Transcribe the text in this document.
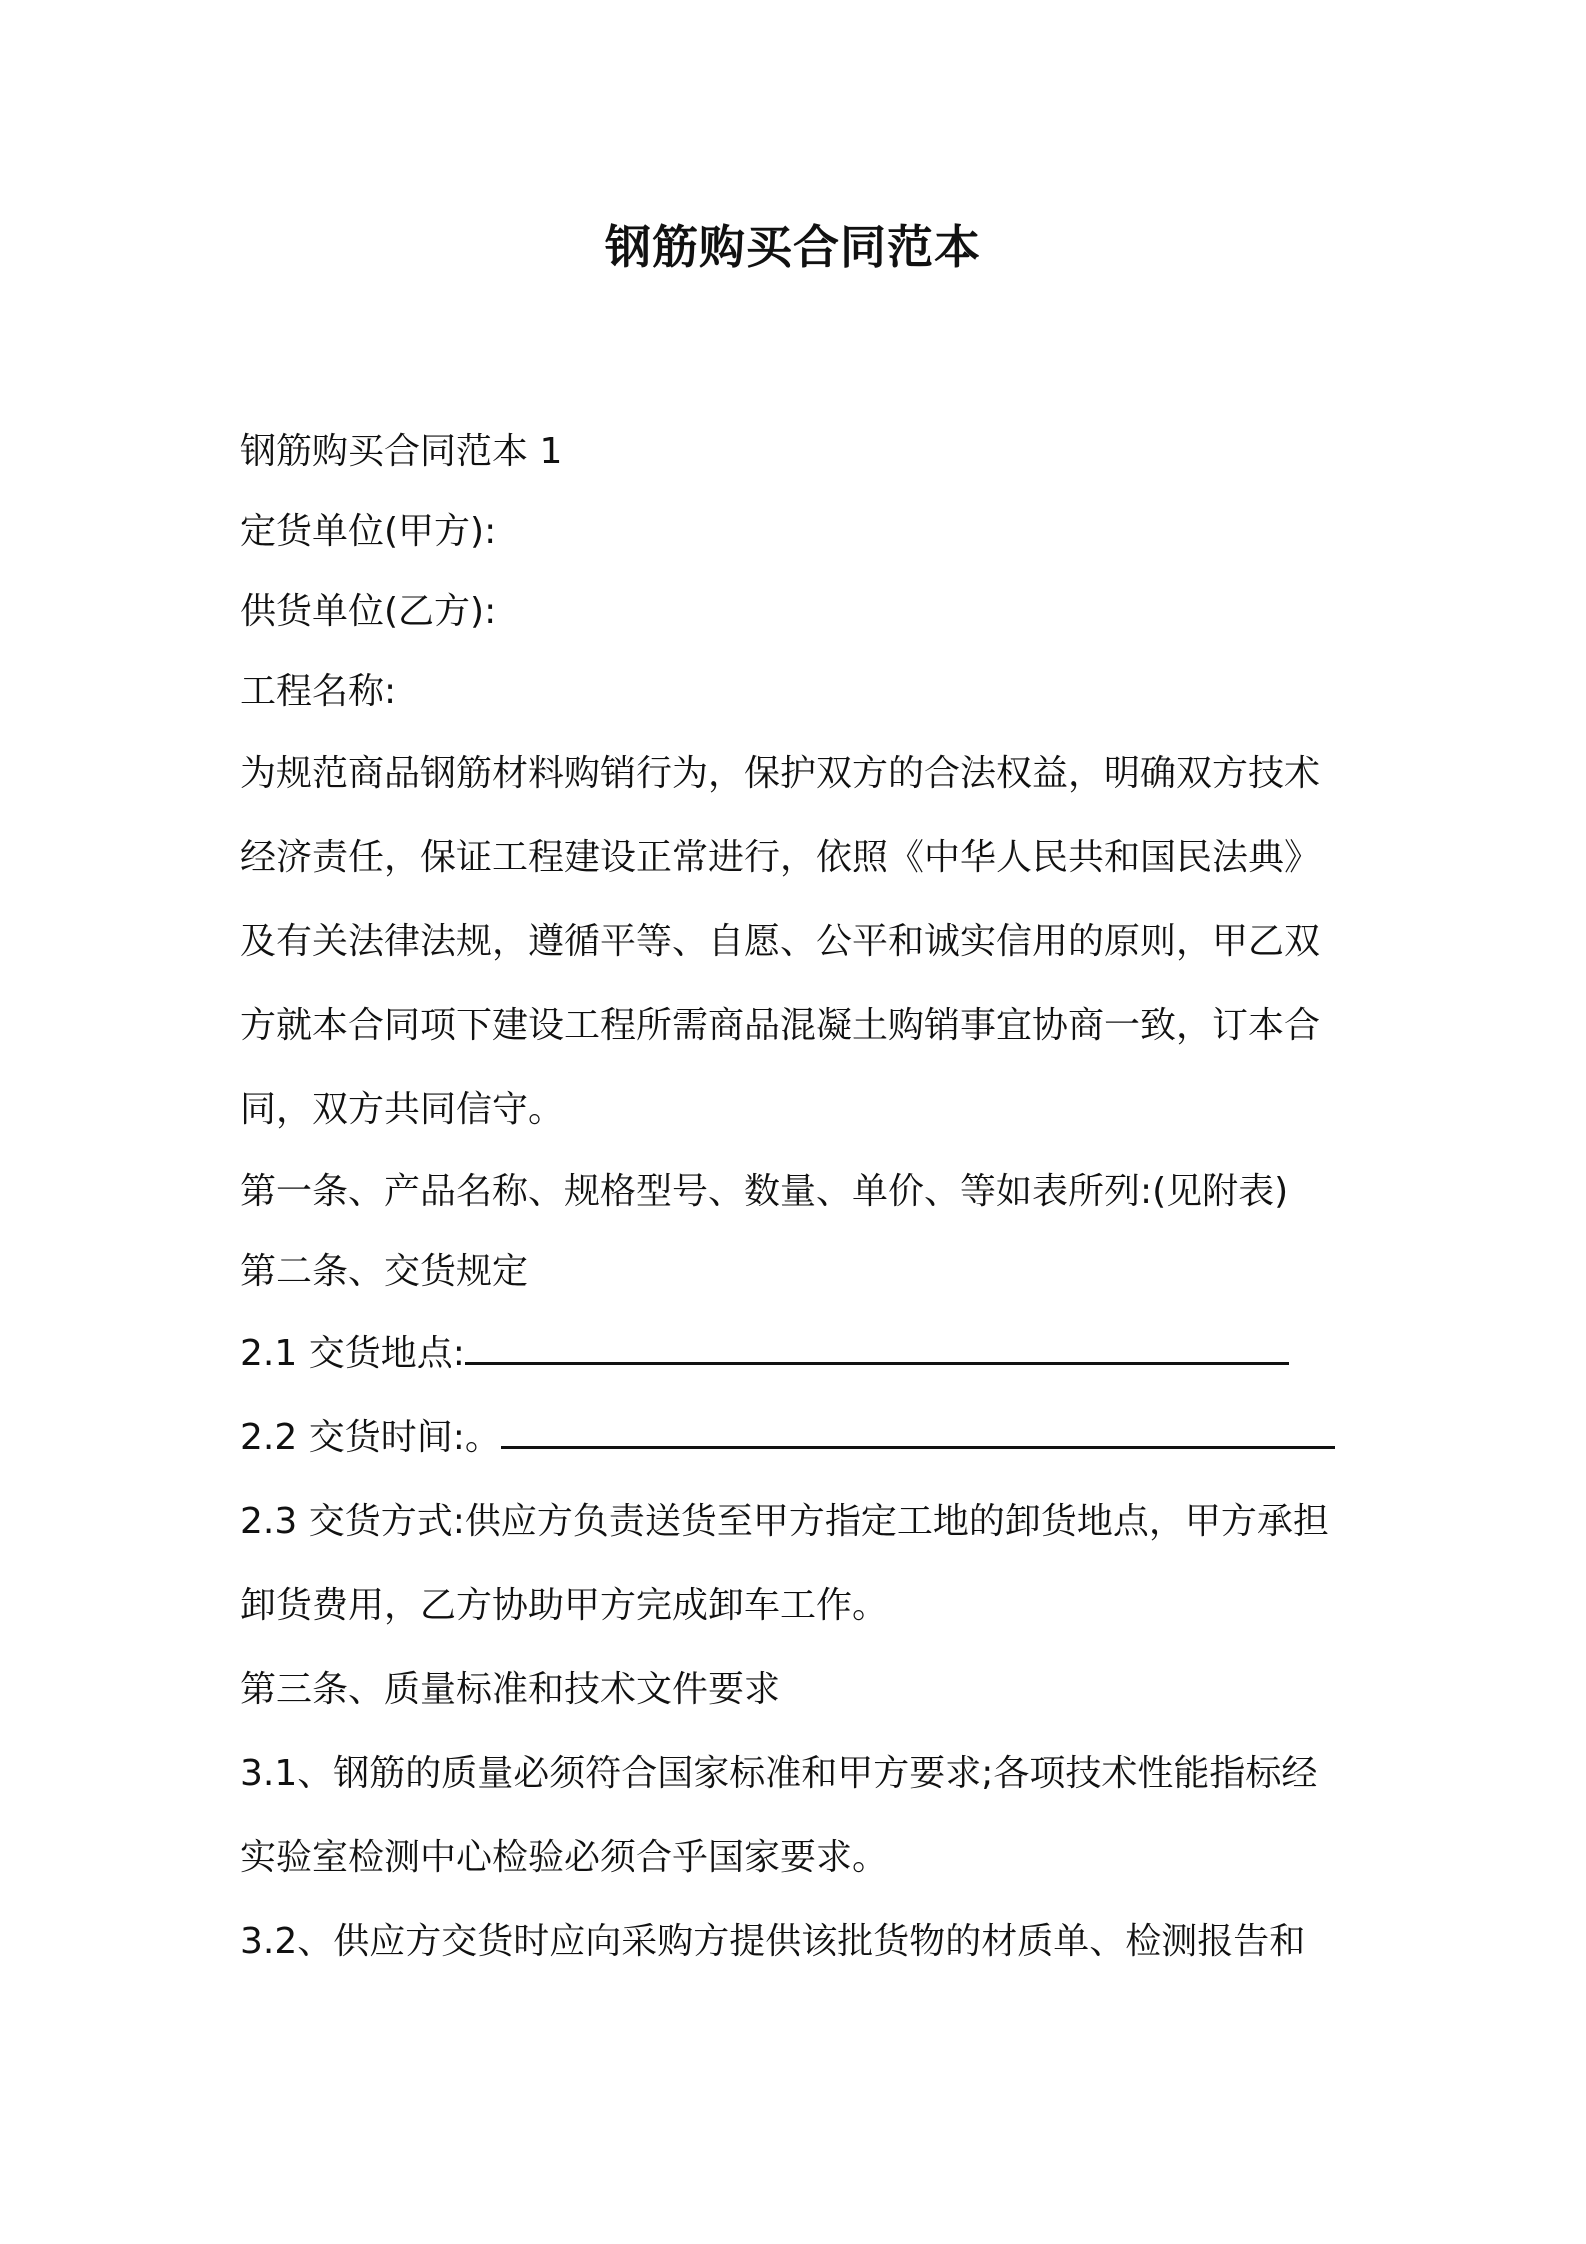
钢筋购买合同范本

钢筋购买合同范本 1

定货单位(甲方):

供货单位(乙方):

工程名称:

为规范商品钢筋材料购销行为，保护双方的合法权益，明确双方技术

经济责任，保证工程建设正常进行，依照《中华人民共和国民法典》

及有关法律法规，遵循平等、自愿、公平和诚实信用的原则，甲乙双

方就本合同项下建设工程所需商品混凝土购销事宜协商一致，订本合

同，双方共同信守。

第一条、产品名称、规格型号、数量、单价、等如表所列:(见附表)

第二条、交货规定

2.1 交货地点:

2.2 交货时间:。

2.3 交货方式:供应方负责送货至甲方指定工地的卸货地点，甲方承担

卸货费用，乙方协助甲方完成卸车工作。

第三条、质量标准和技术文件要求

3.1、钢筋的质量必须符合国家标准和甲方要求;各项技术性能指标经

实验室检测中心检验必须合乎国家要求。

3.2、供应方交货时应向采购方提供该批货物的材质单、检测报告和
